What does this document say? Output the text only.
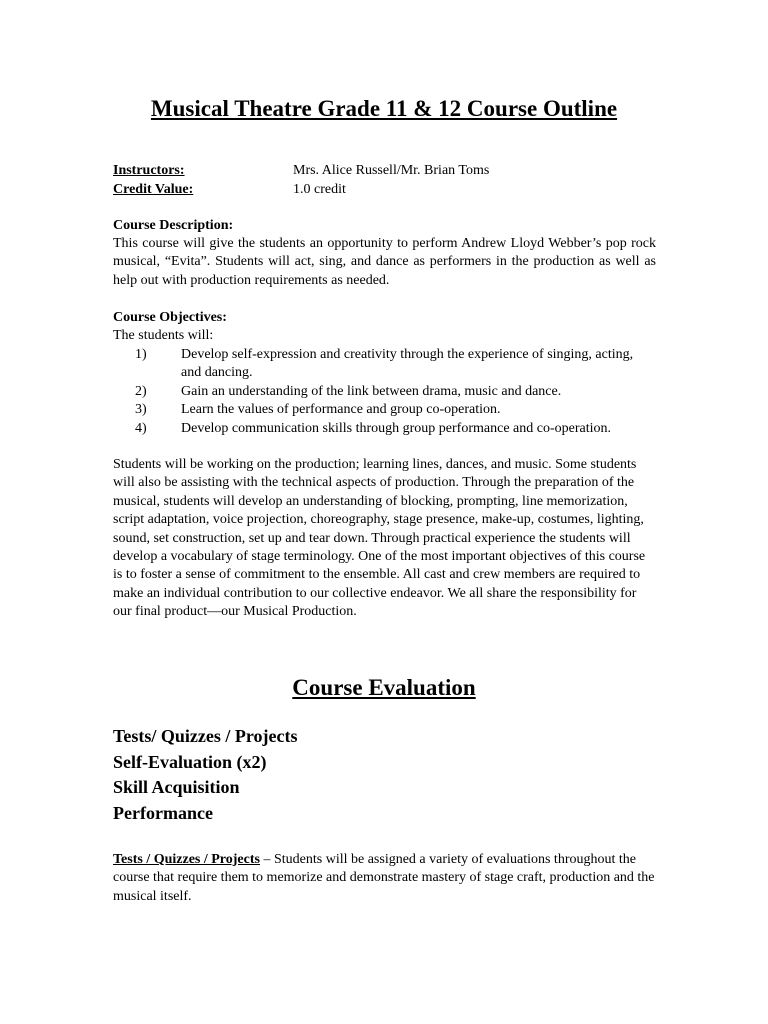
Musical Theatre Grade 11 & 12 Course Outline
Instructors:	Mrs. Alice Russell/Mr. Brian Toms
Credit Value:	1.0 credit
Course Description:
This course will give the students an opportunity to perform Andrew Lloyd Webber’s pop rock musical, “Evita”. Students will act, sing, and dance as performers in the production as well as help out with production requirements as needed.
Course Objectives:
The students will:
1) Develop self-expression and creativity through the experience of singing, acting, and dancing.
2) Gain an understanding of the link between drama, music and dance.
3) Learn the values of performance and group co-operation.
4) Develop communication skills through group performance and co-operation.
Students will be working on the production; learning lines, dances, and music. Some students will also be assisting with the technical aspects of production. Through the preparation of the musical, students will develop an understanding of blocking, prompting, line memorization, script adaptation, voice projection, choreography, stage presence, make-up, costumes, lighting, sound, set construction, set up and tear down. Through practical experience the students will develop a vocabulary of stage terminology. One of the most important objectives of this course is to foster a sense of commitment to the ensemble. All cast and crew members are required to make an individual contribution to our collective endeavor. We all share the responsibility for our final product—our Musical Production.
Course Evaluation
Tests/ Quizzes / Projects
Self-Evaluation (x2)
Skill Acquisition
Performance
Tests / Quizzes / Projects – Students will be assigned a variety of evaluations throughout the course that require them to memorize and demonstrate mastery of stage craft, production and the musical itself.
